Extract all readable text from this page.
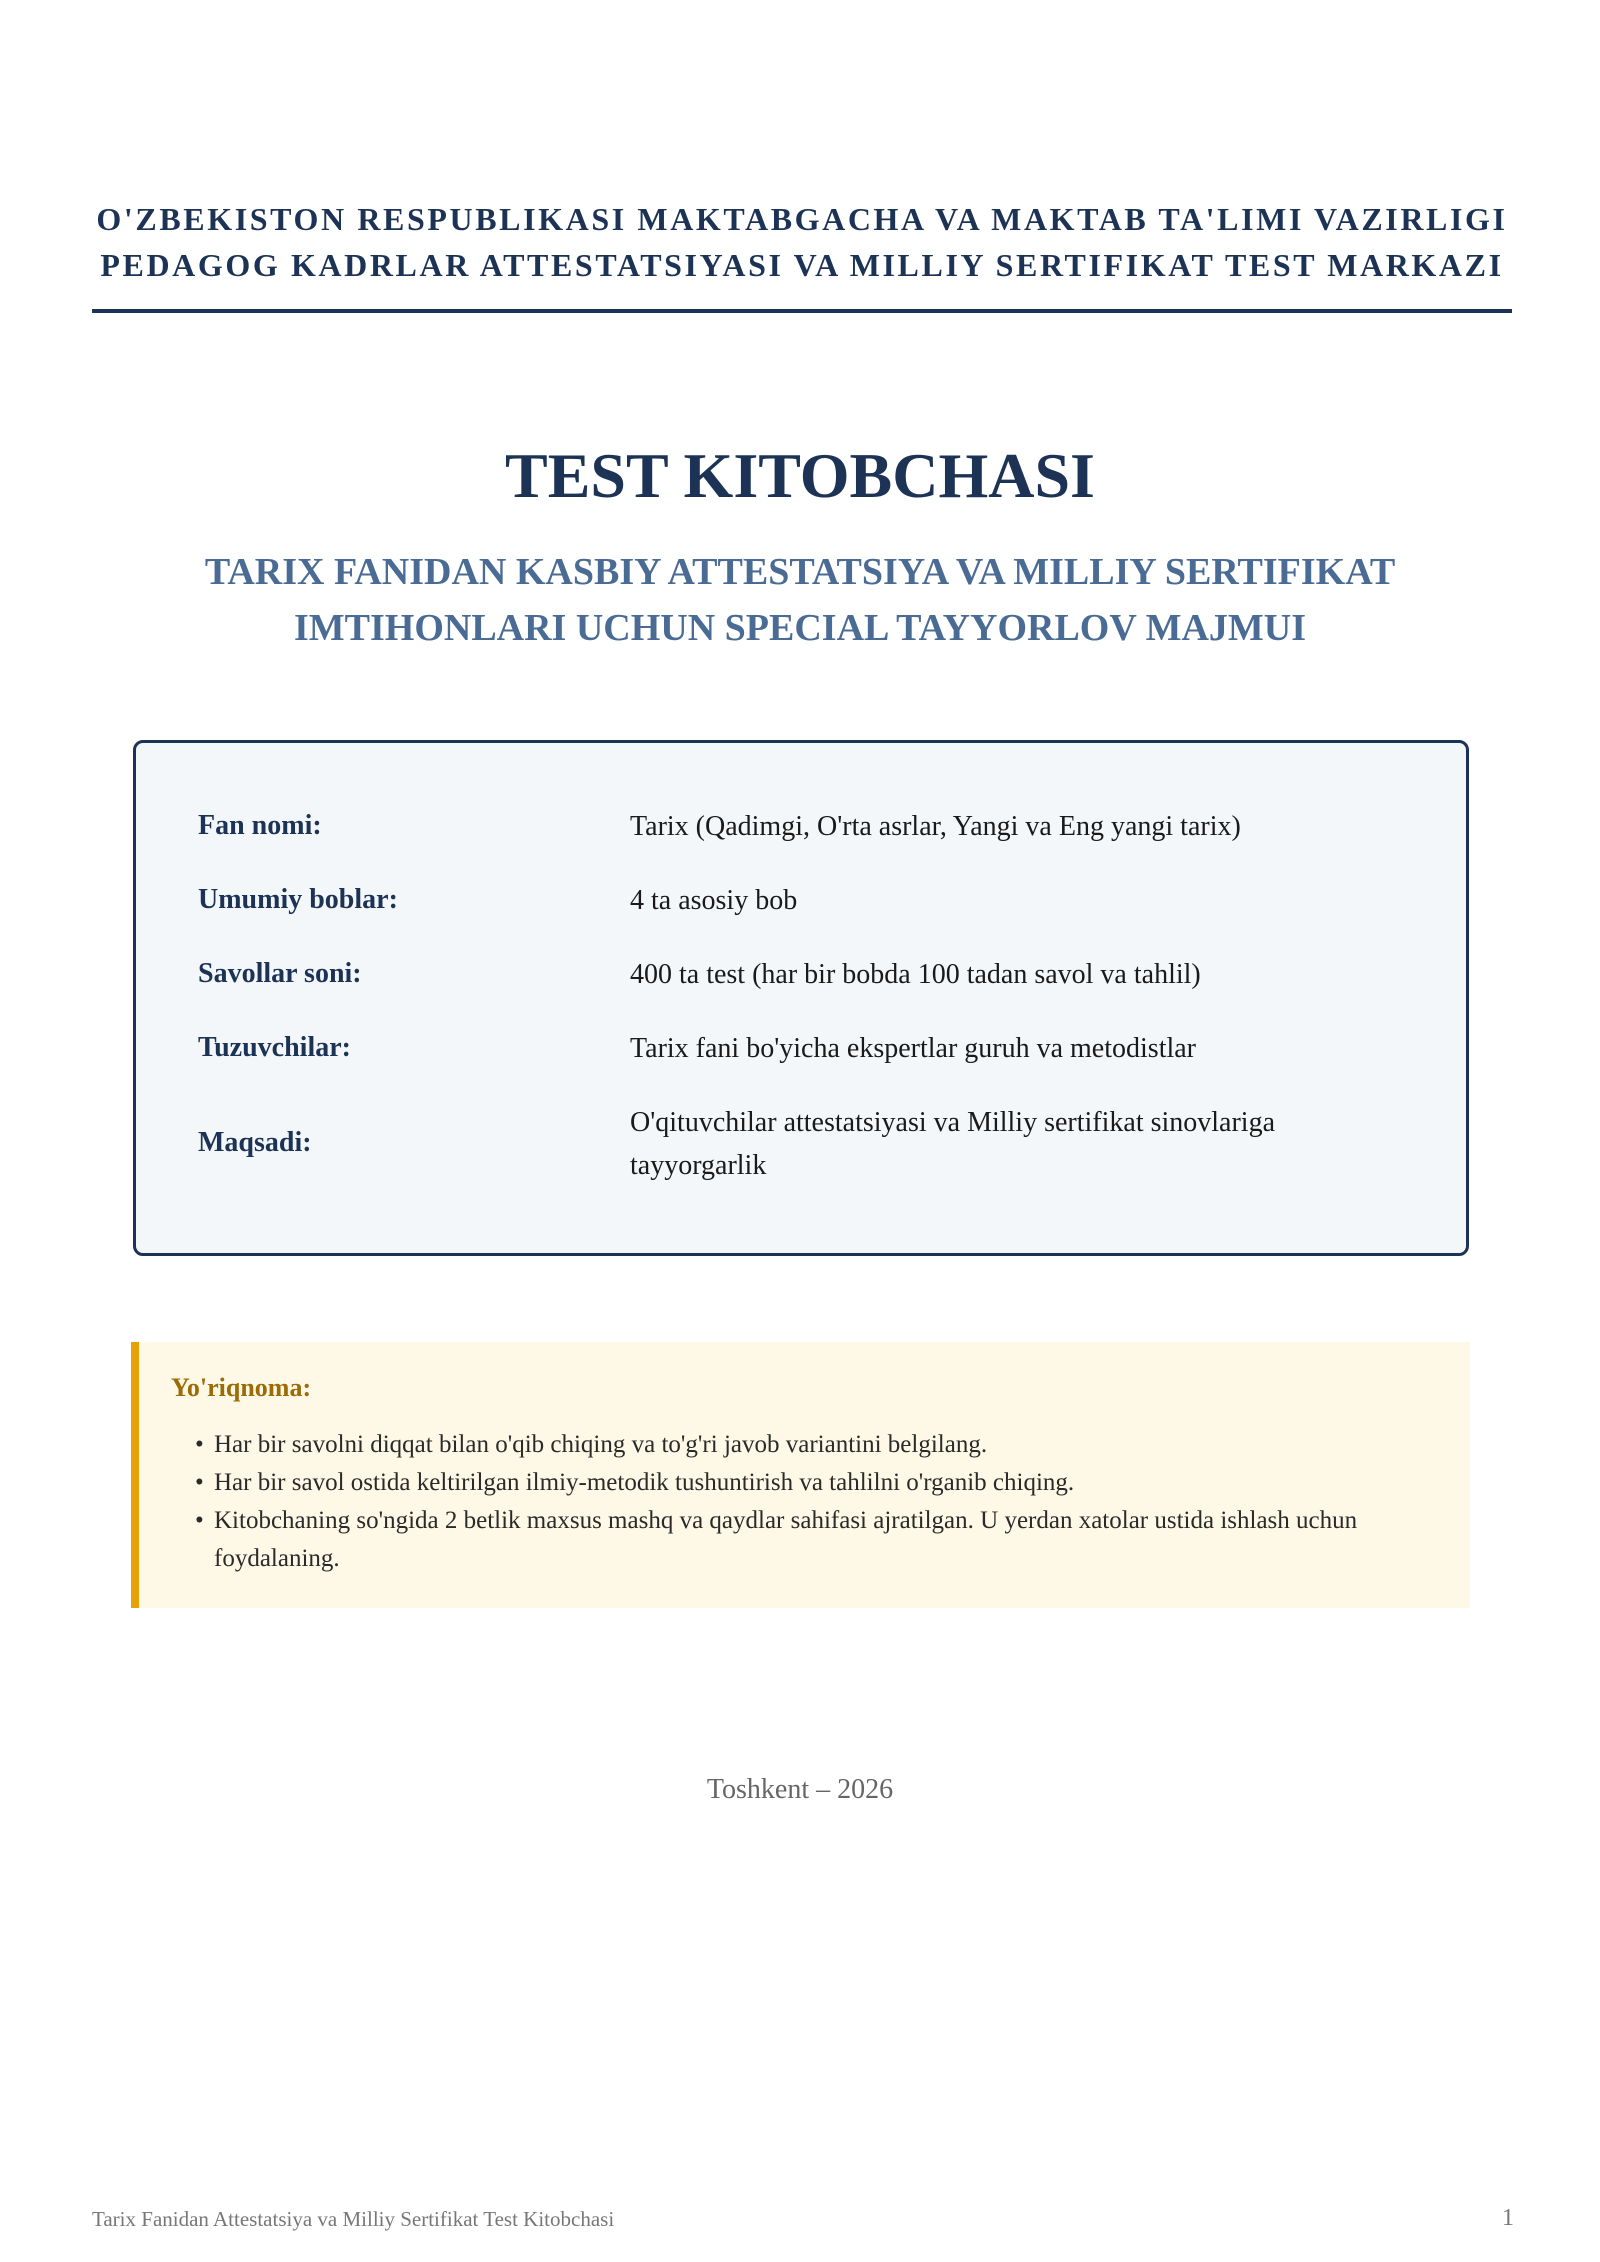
O'ZBEKISTON RESPUBLIKASI MAKTABGACHA VA MAKTAB TA'LIMI VAZIRLIGI
PEDAGOG KADRLAR ATTESTATSIYASI VA MILLIY SERTIFIKAT TEST MARKAZI
TEST KITOBCHASI
TARIX FANIDAN KASBIY ATTESTATSIYA VA MILLIY SERTIFIKAT
IMTIHONLARI UCHUN SPECIAL TAYYORLOV MAJMUI
Fan nomi:	Tarix (Qadimgi, O'rta asrlar, Yangi va Eng yangi tarix)
Umumiy boblar:	4 ta asosiy bob
Savollar soni:	400 ta test (har bir bobda 100 tadan savol va tahlil)
Tuzuvchilar:	Tarix fani bo'yicha ekspertlar guruh va metodistlar
Maqsadi:
O'qituvchilar attestatsiyasi va Milliy sertifikat sinovlariga tayyorgarlik
Yo'riqnoma:
• Har bir savolni diqqat bilan o'qib chiqing va to'g'ri javob variantini belgilang.
• Har bir savol ostida keltirilgan ilmiy-metodik tushuntirish va tahlilni o'rganib chiqing.
• Kitobchaning so'ngida 2 betlik maxsus mashq va qaydlar sahifasi ajratilgan. U yerdan xatolar ustida ishlash uchun foydalaning.
Toshkent – 2026
Tarix Fanidan Attestatsiya va Milliy Sertifikat Test Kitobchasi	1
